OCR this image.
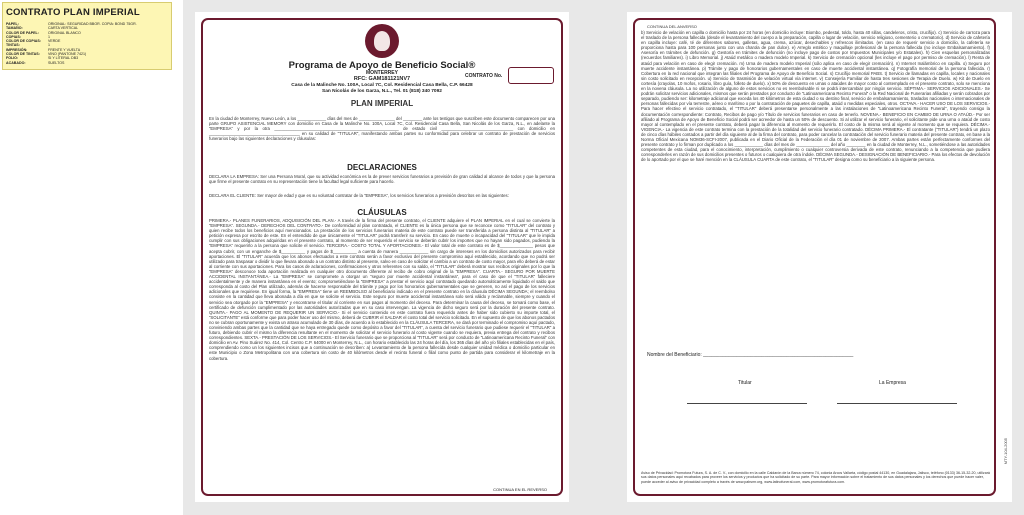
CONTRATO PLAN IMPERIAL
PAPEL:	ORIGINAL: SEGURIDAD BBOR. COPIA: BOND 75GR.
TAMAÑO:	CARTA VERTICAL
COLOR DE PAPEL:	ORIGINAL BLANCO
COPIAS:	1
COLOR DE COPIAS:	VERDE
TINTAS:	1
IMPRESIÓN:	FRENTE Y VUELTA
COLOR DE TINTAS:	VINO (PANTONE 7421)
FOLIO:	SI Y LITERAL DB3
ACABADO:	SUELTOS	Programa de Apoyo de Beneficio Social®
MONTERREY
RFC: GAM181121NV7
Casa de la Malinche No. 100A, Local 7C, Col. Residencial Casa Bella, C.P. 66428
San Nicolás de los Garza, N.L., Tel. 01 (818) 340 7092
PLAN IMPERIAL
CONTRATO No.
En la ciudad de Monterrey, Nuevo León, a los ____________ días del mes de _______________ del ________ ante los testigos que suscriben este documento comparecen por una parte GRUPO ASISTENCIAL MEMORY con domicilio en Casa de la Malinche No. 100A, Local 7C, Col. Residencial Casa Bella, San Nicolás de los Garza, N.L., en adelante la “EMPRESA” y por la otra ____________________________________________________ de estado civil ______________________________ con domicilio en ______________________________________ en su calidad de “TITULAR”, manifestando ambas partes su conformidad para celebrar un contrato de prestación de servicios funerarios bajo las siguientes declaraciones y cláusulas:
DECLARACIONES
DECLARA LA EMPRESA: Ser una Persona Moral, que su actividad económica es la de prever servicios funerarios a previsión de gran calidad al alcance de todos y que la persona que firme el presente contrato en su representación tiene la facultad legal suficiente para hacerlo.
DECLARA EL CLIENTE: Ser mayor de edad y que es su voluntad contratar de la “EMPRESA”, los servicios funerarios a previsión descritos en las siguientes:
CLÁUSULAS
PRIMERA.- PLANES FUNERARIOS, ADQUISICIÓN DEL PLAN.- A través de la firma del presente contrato, el CLIENTE adquiere el PLAN IMPERIAL en el cual se convierte la “EMPRESA”. SEGUNDA.- DERECHOS DEL CONTRATO.- De conformidad al plan contratado, el CLIENTE es la única persona que se reconoce como “TITULAR” del contrato y quien recibe todos los beneficios aquí mencionados. La prestación de los servicios funerarios materia de este contrato puede ser transferida a persona distinta al “TITULAR” a petición expresa por escrito de este. En el entendido de que únicamente el “TITULAR” podrá transferir su servicio. En caso de muerte o incapacidad del “TITULAR” que le impida cumplir con sus obligaciones adquiridas en el presente contrato, al momento de ser requerido el servicio se deberán cubrir los importes que no hayan sido pagados, pudiendo la “EMPRESA” requerirlo a la persona que solicite el servicio. TERCERA.- COSTO TOTAL Y APORTACIONES.- El valor total de este contrato es de $______________ pesos que acepta cubrir, con un enganche de $__________ y pagos de $__________ a cuenta de manera ____________ sin cargo de intereses en los domicilios autorizados para recibir aportaciones. El “TITULAR” acuerda que los abonos efectuados a este contrato serán a favor exclusivo del presente compromiso aquí establecido, acordando que no podrá ser utilizado para traspasar o dividir lo que llevara abonado a un contrato distinto al presente, salvo en caso de solicitar el cambio a un contrato de costo mayor, para ello deberá de estar al corriente con sus aportaciones. Para los casos de aclaraciones, confirmaciones y otros referentes con su saldo, el “TITULAR” deberá mostrar sus recibos originales por lo que la “EMPRESA” desconoce toda aportación realizada en cualquier otro documento diferente al recibo de cobro original de la “EMPRESA”. CUARTA.- SEGURO POR MUERTE ACCIDENTAL INSTANTÁNEA.- La “EMPRESA” se compromete a otorgar un “seguro por muerte accidental instantánea”, para el caso de que el “TITULAR” falleciere accidentalmente y de manera instantánea en el evento; comprometiéndose la “EMPRESA” a prestar el servicio aquí contratado quedando automáticamente liquidado el saldo que corresponda al costo del Plan utilizado, además de hacerse responsable del trámite y pago por los honorarios gubernamentales que se generen, no así el pago de los servicios adicionales que requiriese. En igual forma, la “EMPRESA” tiene un REEMBOLSO al beneficiario indicado en el presente contrato en la cláusula DÉCIMA SEGUNDA; el reembolso consiste en la cantidad que lleva abonada a día en que se solicite el servicio. Este seguro por muerte accidental instantánea solo será válido y reclamable, siempre y cuando el servicio sea otorgado por la “EMPRESA” y encontrarse el titular al corriente en sus pagos al momento del deceso. Para determinar la causa del deceso, se tomará como base, el certificado de defunción cumplimentado por las autoridades autorizadas que en su caso intervengan. La vigencia de dicho seguro será por la duración del presente contrato. QUINTA.- PAGO AL MOMENTO DE REQUERIR UN SERVICIO.- Si el servicio contenido en este contrato fuera requerido antes de haber sido cubierto su importe total, el “SOLICITANTE” está conforme que para poder hacer uso del mismo, deberá de CUBRIR el SALDAR el costo total del servicio solicitado. En el supuesto de que los abonos pactados no se cubran oportunamente y exista un atraso acumulado de 30 días, de acuerdo a lo establecido en la CLÁUSULA TERCERA, se dará por terminado el compromiso aquí pactado, conviniendo ambas partes que la cantidad que se haya entregado quede como depósito a favor del “TITULAR”, a cuenta del servicio funerario que pudiese requerir el “TITULAR” a futuro, debiendo cubrir el mismo la diferencia resultante en el momento de solicitar el servicio funerario al costo vigente cuando se requiera, previa entrega del contrato y recibos correspondientes. SEXTA.- PRESTACIÓN DE LOS SERVICIOS.- El Servicio funerario que se proporciona al “TITULAR” será por conducto de “Latinoamericana Recinto Funeral” con domicilio en Av. Pino Suárez No. 414, Col. Centro C.P. 64000 en Monterrey, N.L., con horario establecido las 24 horas del día, los 365 días del año y/o filiales establecidas en el país, comprendiendo como un los siguientes incisos que a continuación se describen: a) Levantamiento de la persona fallecida desde cualquier unidad médica o domicilio particular en este Municipio o Zona Metropolitana con una cobertura sin costo de 40 kilómetros desde el recinto funeral o filial como punto de partida para considerar el kilometraje en la cobertura.
CONTINUA EN EL REVERSO
CONTINUA DEL ANVERSO
b) Servicio de velación en capilla o domicilio hasta por 24 horas (en domicilio incluye: Biombo, pedestal, toldo, hasta 40 sillas, candeleros, cristo, crucifijo). c) Servicio de carroza para el traslado de la persona fallecida (desde el levantamiento del cuerpo a la preparación, capilla o lugar de velación, servicio religioso, cementerio o crematorio). d) Servicio de cafetería en capilla incluye: café, té de diferentes sabores, galletas, agua, crema, azúcar, desechables y refrescos ilimitados. (en caso de requerir servicio a domicilio, la cafetería se proporciona hasta para 100 personas junto con una charola de pan dulce). e) Arreglo estético y maquillaje profesional de la persona fallecida (no incluye Embalsamamiento). f) Asesoría en trámites de defunción. g) Gestoría en trámites de defunción (no incluye pago de costos por Impuestos Municipales y/o Estatales). h) Cien esquelas personalizadas (recuerdos familiares). i) Libro Memorial. j) Ataúd metálico o madera modelo Imperial. k) Servicio de cremación opcional (les incluye el pago por permiso de cremación). l) Renta de ataúd para velación en caso de elegir cremación. m) Urna de madera modelo Imperial (sólo aplica en caso de elegir cremación). n) Internet Inalámbrico en capilla. o) Seguro por muerte accidente instantánea. p) Trámite y pago de honorarios gubernamentales en caso de muerte accidental instantánea. q) Fotografía memorial de la persona fallecida. r) Cobertura en la red nacional que integran las filiales del Programa de Apoyo de Beneficio Social. s) Crucifijo memorial PABS. t) Servicio de llamadas en capilla, locales y nacionales sin costo solicitado en recepción. u) Servicio de trasmisión de velación virtual vía internet. v) Consejería Familiar de hasta tres sesiones de Terapia de Duelo. w) Kit de Duelo en cortesía (crayolas, 10 mofos, rosario, libro guía, folleto de duelo). x) 50% de descuento en urnas o ataúdes de mayor costo al contemplado en el presente contrato, solo se menciona en la novena cláusula. La no utilización de alguno de estos servicios no es reembolsable ni se podrá intercambiar por ningún servicio. SÉPTIMA.- SERVICIOS ADICIONALES.- Se podrán solicitar servicios adicionales, mismos que serán prestados por conducto de “Latinoamericana Recinto Funeral” o la Red Nacional de Funerarias afiliadas y serán cobrados por separado, pudiendo ser: kilometraje adicional que exceda los 40 kilómetros de esta ciudad o su destino final, servicio de embalsamamiento, traslados nacionales o internacionales de personas fallecidas por vía terrestre, aéreo o marítimo o por la contratación de paquetes de capilla, ataúd o medidas especiales, otros. OCTAVA.- HACER USO DE LOS SERVICIOS.- Para hacer efectivo el servicio contratado, el “TITULAR” deberá presentarse personalmente a las instalaciones de “Latinoamericana Recinto Funeral”, trayendo consigo la documentación correspondiente: Contrato, Recibos de pago y/o Título de servicios funerarios en caso de tenerlo. NOVENA.- BENEFICIO EN CAMBIO DE URNA O ATAÚD.- Por ser afiliado al Programa de Apoyo de Beneficio Social podrá ser acreedor de hasta un 50% de descuento. Si al utilizar el servicio funerario, el solicitante pide una urna o ataúd de costo mayor al contemplado en el presente contrato, deberá pagar la diferencia al momento de requerirlo. El costo de la misma será al vigente al momento que se requiera. DÉCIMA.- VIGENCIA.- La vigencia de este contrato termina con la prestación de la totalidad del servicio funerario contratado. DÉCIMA PRIMERA.- El contratante (“TITULAR”) tendrá un plazo de cinco días hábiles contados a partir del día siguiente al de la firma del contrato, para poder cancelar la contratación del servicio funerario materia del presente contrato, en base a la Norma Oficial Mexicana NOM36-SCFI-2007, publicada en el Diario Oficial de la Federación el día 01 de noviembre de 2007. Ambas partes están perfectamente conformes del presente contrato y lo firman por duplicado a los ____________ días del mes de ______________ del año ________ en la ciudad de Monterrey, N.L., sometiéndose a las autoridades competentes de esta ciudad, para el conocimiento, interpretación, cumplimiento o cualquier controversia derivada de este contrato, renunciando a la competencia que pudiera corresponderles en razón de sus domicilios presentes o futuros o cualquiera de otra índole. DÉCIMA SEGUNDA.- DESIGNACIÓN DE BENEFICIARIO.- Para los efectos de devolución de lo aportado por el que se haré mención en la CLÁUSULA CUARTA de este contrato, el “TITULAR” designa como su beneficiario a la siguiente persona.
Nombre del Beneficiario: ______________________________________________________
Titular	La Empresa
Aviso de Privacidad: Promotora Futura, S. A. de C. V., con domicilio en la calle Caldarón de la Barca número 74, colonia Arcos Vallarta, código postal 44130, en Guadalajara, Jalisco, teléfono (0133) 36-15-32-20, utilizará sus datos personales aquí recabados para proveer los servicios y productos que ha solicitado de su parte. Para mayor información sobre el tratamiento de sus datos personales y los derechos que puede hacer valer, puede acceder al aviso de privacidad completo a través de www.pabsmr.org, www.latinofuneral.com, www.promotorafutura.com.
MTY-104-2005
